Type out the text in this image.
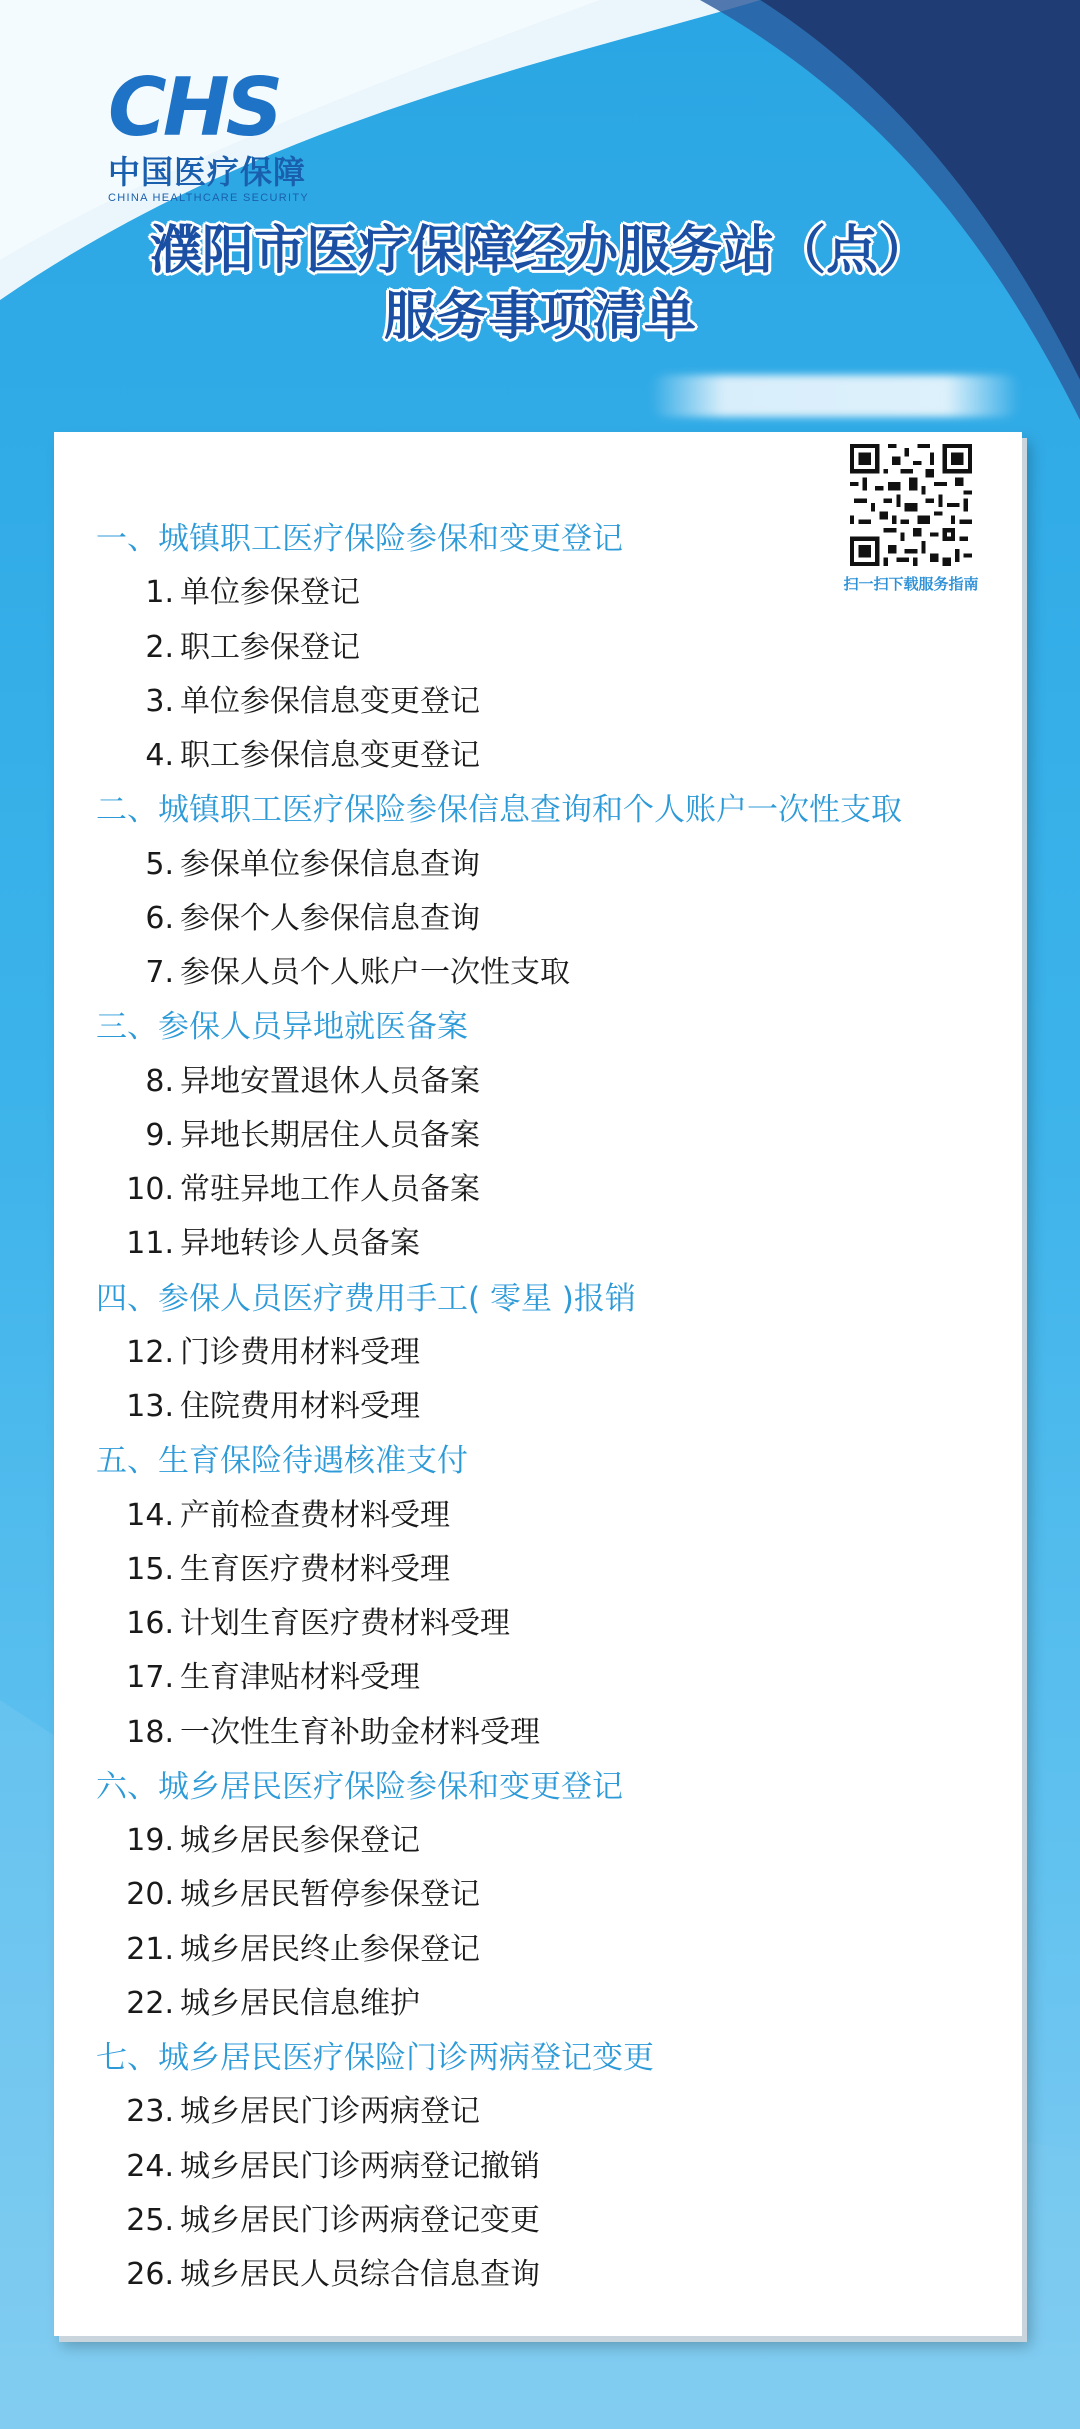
CHS
中国医疗保障
CHINA HEALTHCARE SECURITY
濮阳市医疗保障经办服务站（点）
服务事项清单
扫一扫下载服务指南
一、城镇职工医疗保险参保和变更登记
1. 单位参保登记
2. 职工参保登记
3. 单位参保信息变更登记
4. 职工参保信息变更登记
二、城镇职工医疗保险参保信息查询和个人账户一次性支取
5. 参保单位参保信息查询
6. 参保个人参保信息查询
7. 参保人员个人账户一次性支取
三、参保人员异地就医备案
8. 异地安置退休人员备案
9. 异地长期居住人员备案
10. 常驻异地工作人员备案
11. 异地转诊人员备案
四、参保人员医疗费用手工( 零星 )报销
12. 门诊费用材料受理
13. 住院费用材料受理
五、生育保险待遇核准支付
14. 产前检查费材料受理
15. 生育医疗费材料受理
16. 计划生育医疗费材料受理
17. 生育津贴材料受理
18. 一次性生育补助金材料受理
六、城乡居民医疗保险参保和变更登记
19. 城乡居民参保登记
20. 城乡居民暂停参保登记
21. 城乡居民终止参保登记
22. 城乡居民信息维护
七、城乡居民医疗保险门诊两病登记变更
23. 城乡居民门诊两病登记
24. 城乡居民门诊两病登记撤销
25. 城乡居民门诊两病登记变更
26. 城乡居民人员综合信息查询
